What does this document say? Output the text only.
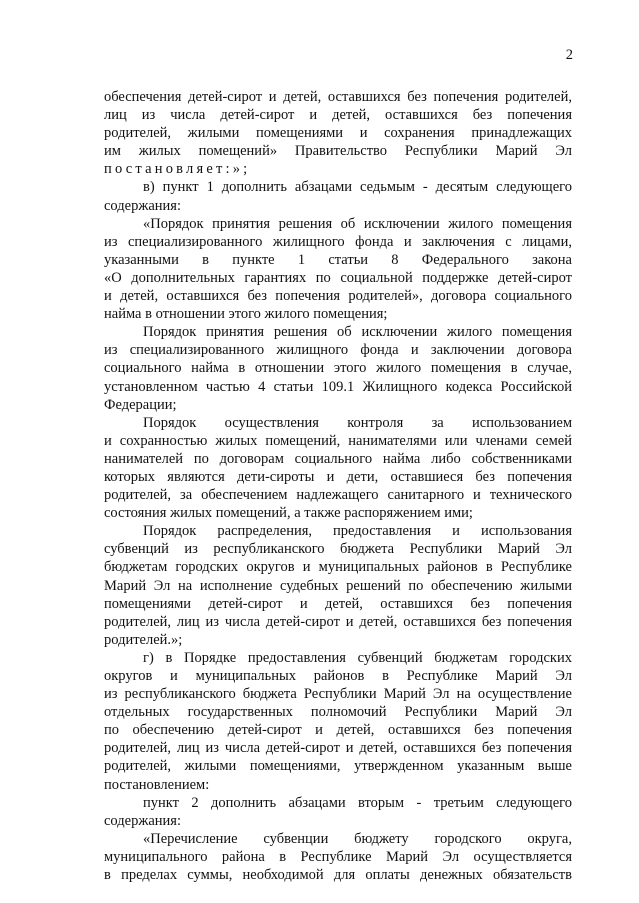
2
обеспечения детей-сирот и детей, оставшихся без попечения родителей,
лиц из числа детей-сирот и детей, оставшихся без попечения
родителей, жилыми помещениями и сохранения принадлежащих
им жилых помещений» Правительство Республики Марий Эл
постановляет:»;
в) пункт 1 дополнить абзацами седьмым - десятым следующего
содержания:
«Порядок принятия решения об исключении жилого помещения
из специализированного жилищного фонда и заключения с лицами,
указанными в пункте 1 статьи 8 Федерального закона
«О дополнительных гарантиях по социальной поддержке детей-сирот
и детей, оставшихся без попечения родителей», договора социального
найма в отношении этого жилого помещения;
Порядок принятия решения об исключении жилого помещения
из специализированного жилищного фонда и заключении договора
социального найма в отношении этого жилого помещения в случае,
установленном частью 4 статьи 109.1 Жилищного кодекса Российской
Федерации;
Порядок осуществления контроля за использованием
и сохранностью жилых помещений, нанимателями или членами семей
нанимателей по договорам социального найма либо собственниками
которых являются дети-сироты и дети, оставшиеся без попечения
родителей, за обеспечением надлежащего санитарного и технического
состояния жилых помещений, а также распоряжением ими;
Порядок распределения, предоставления и использования
субвенций из республиканского бюджета Республики Марий Эл
бюджетам городских округов и муниципальных районов в Республике
Марий Эл на исполнение судебных решений по обеспечению жилыми
помещениями детей-сирот и детей, оставшихся без попечения
родителей, лиц из числа детей-сирот и детей, оставшихся без попечения
родителей.»;
г) в Порядке предоставления субвенций бюджетам городских
округов и муниципальных районов в Республике Марий Эл
из республиканского бюджета Республики Марий Эл на осуществление
отдельных государственных полномочий Республики Марий Эл
по обеспечению детей-сирот и детей, оставшихся без попечения
родителей, лиц из числа детей-сирот и детей, оставшихся без попечения
родителей, жилыми помещениями, утвержденном указанным выше
постановлением:
пункт 2 дополнить абзацами вторым - третьим следующего
содержания:
«Перечисление субвенции бюджету городского округа,
муниципального района в Республике Марий Эл осуществляется
в пределах суммы, необходимой для оплаты денежных обязательств
